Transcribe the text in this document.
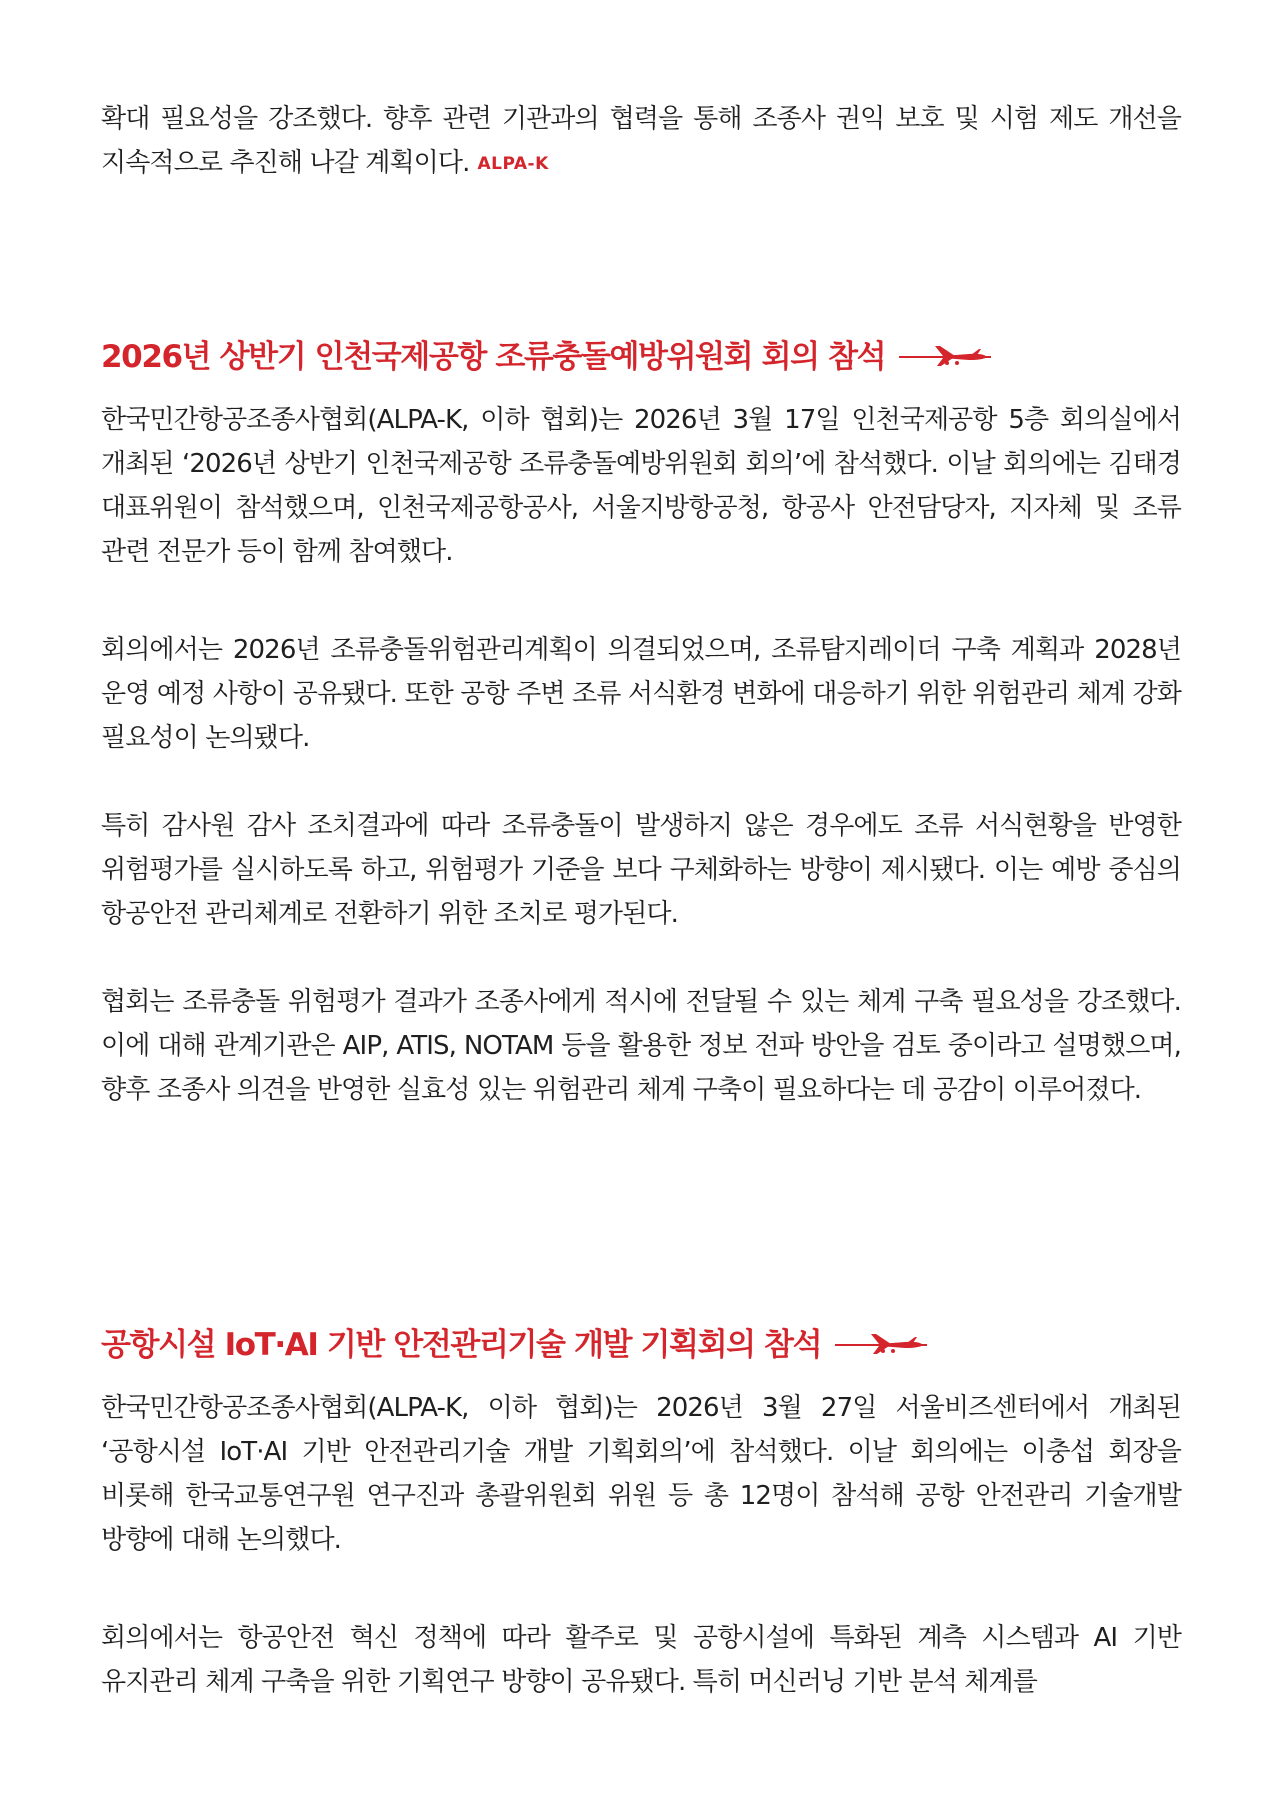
확대 필요성을 강조했다. 향후 관련 기관과의 협력을 통해 조종사 권익 보호 및 시험 제도 개선을 지속적으로 추진해 나갈 계획이다. ALPA-K

2026년 상반기 인천국제공항 조류충돌예방위원회 회의 참석

한국민간항공조종사협회(ALPA-K, 이하 협회)는 2026년 3월 17일 인천국제공항 5층 회의실에서 개최된 ‘2026년 상반기 인천국제공항 조류충돌예방위원회 회의’에 참석했다. 이날 회의에는 김태경 대표위원이 참석했으며, 인천국제공항공사, 서울지방항공청, 항공사 안전담당자, 지자체 및 조류 관련 전문가 등이 함께 참여했다.

회의에서는 2026년 조류충돌위험관리계획이 의결되었으며, 조류탐지레이더 구축 계획과 2028년 운영 예정 사항이 공유됐다. 또한 공항 주변 조류 서식환경 변화에 대응하기 위한 위험관리 체계 강화 필요성이 논의됐다.

특히 감사원 감사 조치결과에 따라 조류충돌이 발생하지 않은 경우에도 조류 서식현황을 반영한 위험평가를 실시하도록 하고, 위험평가 기준을 보다 구체화하는 방향이 제시됐다. 이는 예방 중심의 항공안전 관리체계로 전환하기 위한 조치로 평가된다.

협회는 조류충돌 위험평가 결과가 조종사에게 적시에 전달될 수 있는 체계 구축 필요성을 강조했다. 이에 대해 관계기관은 AIP, ATIS, NOTAM 등을 활용한 정보 전파 방안을 검토 중이라고 설명했으며, 향후 조종사 의견을 반영한 실효성 있는 위험관리 체계 구축이 필요하다는 데 공감이 이루어졌다.

공항시설 IoT·AI 기반 안전관리기술 개발 기획회의 참석

한국민간항공조종사협회(ALPA-K, 이하 협회)는 2026년 3월 27일 서울비즈센터에서 개최된 ‘공항시설 IoT·AI 기반 안전관리기술 개발 기획회의’에 참석했다. 이날 회의에는 이충섭 회장을 비롯해 한국교통연구원 연구진과 총괄위원회 위원 등 총 12명이 참석해 공항 안전관리 기술개발 방향에 대해 논의했다.

회의에서는 항공안전 혁신 정책에 따라 활주로 및 공항시설에 특화된 계측 시스템과 AI 기반 유지관리 체계 구축을 위한 기획연구 방향이 공유됐다. 특히 머신러닝 기반 분석 체계를
